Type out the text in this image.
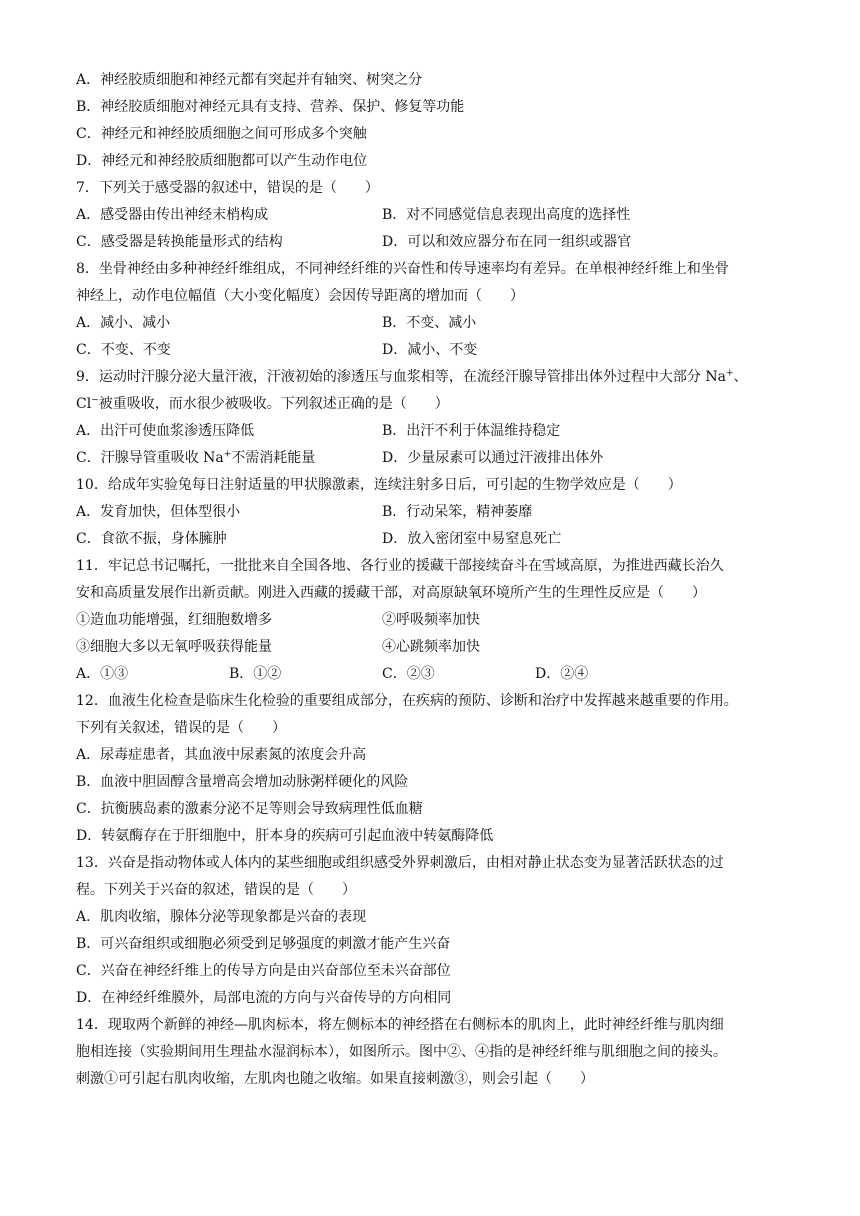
A．神经胶质细胞和神经元都有突起并有轴突、树突之分
B．神经胶质细胞对神经元具有支持、营养、保护、修复等功能
C．神经元和神经胶质细胞之间可形成多个突触
D．神经元和神经胶质细胞都可以产生动作电位
7．下列关于感受器的叙述中，错误的是（　　）
A．感受器由传出神经末梢构成	B．对不同感觉信息表现出高度的选择性
C．感受器是转换能量形式的结构	D．可以和效应器分布在同一组织或器官
8．坐骨神经由多种神经纤维组成，不同神经纤维的兴奋性和传导速率均有差异。在单根神经纤维上和坐骨
神经上，动作电位幅值（大小变化幅度）会因传导距离的增加而（　　）
A．减小、减小	B．不变、减小
C．不变、不变	D．减小、不变
9．运动时汗腺分泌大量汗液，汗液初始的渗透压与血浆相等，在流经汗腺导管排出体外过程中大部分 Na+、
Cl−被重吸收，而水很少被吸收。下列叙述正确的是（　　）
A．出汗可使血浆渗透压降低	B．出汗不利于体温维持稳定
C．汗腺导管重吸收 Na+不需消耗能量	D．少量尿素可以通过汗液排出体外
10．给成年实验兔每日注射适量的甲状腺激素，连续注射多日后，可引起的生物学效应是（　　）
A．发育加快，但体型很小	B．行动呆笨，精神萎靡
C．食欲不振，身体臃肿	D．放入密闭室中易窒息死亡
11．牢记总书记嘱托，一批批来自全国各地、各行业的援藏干部接续奋斗在雪域高原，为推进西藏长治久
安和高质量发展作出新贡献。刚进入西藏的援藏干部，对高原缺氧环境所产生的生理性反应是（　　）
①造血功能增强，红细胞数增多	②呼吸频率加快
③细胞大多以无氧呼吸获得能量	④心跳频率加快
A．①③	B．①②	C．②③	D．②④
12．血液生化检查是临床生化检验的重要组成部分，在疾病的预防、诊断和治疗中发挥越来越重要的作用。
下列有关叙述，错误的是（　　）
A．尿毒症患者，其血液中尿素氮的浓度会升高
B．血液中胆固醇含量增高会增加动脉粥样硬化的风险
C．抗衡胰岛素的激素分泌不足等则会导致病理性低血糖
D．转氨酶存在于肝细胞中，肝本身的疾病可引起血液中转氨酶降低
13．兴奋是指动物体或人体内的某些细胞或组织感受外界刺激后，由相对静止状态变为显著活跃状态的过
程。下列关于兴奋的叙述，错误的是（　　）
A．肌肉收缩，腺体分泌等现象都是兴奋的表现
B．可兴奋组织或细胞必须受到足够强度的刺激才能产生兴奋
C．兴奋在神经纤维上的传导方向是由兴奋部位至未兴奋部位
D．在神经纤维膜外，局部电流的方向与兴奋传导的方向相同
14．现取两个新鲜的神经—肌肉标本，将左侧标本的神经搭在右侧标本的肌肉上，此时神经纤维与肌肉细
胞相连接（实验期间用生理盐水湿润标本），如图所示。图中②、④指的是神经纤维与肌细胞之间的接头。
刺激①可引起右肌肉收缩，左肌肉也随之收缩。如果直接刺激③，则会引起（　　）
